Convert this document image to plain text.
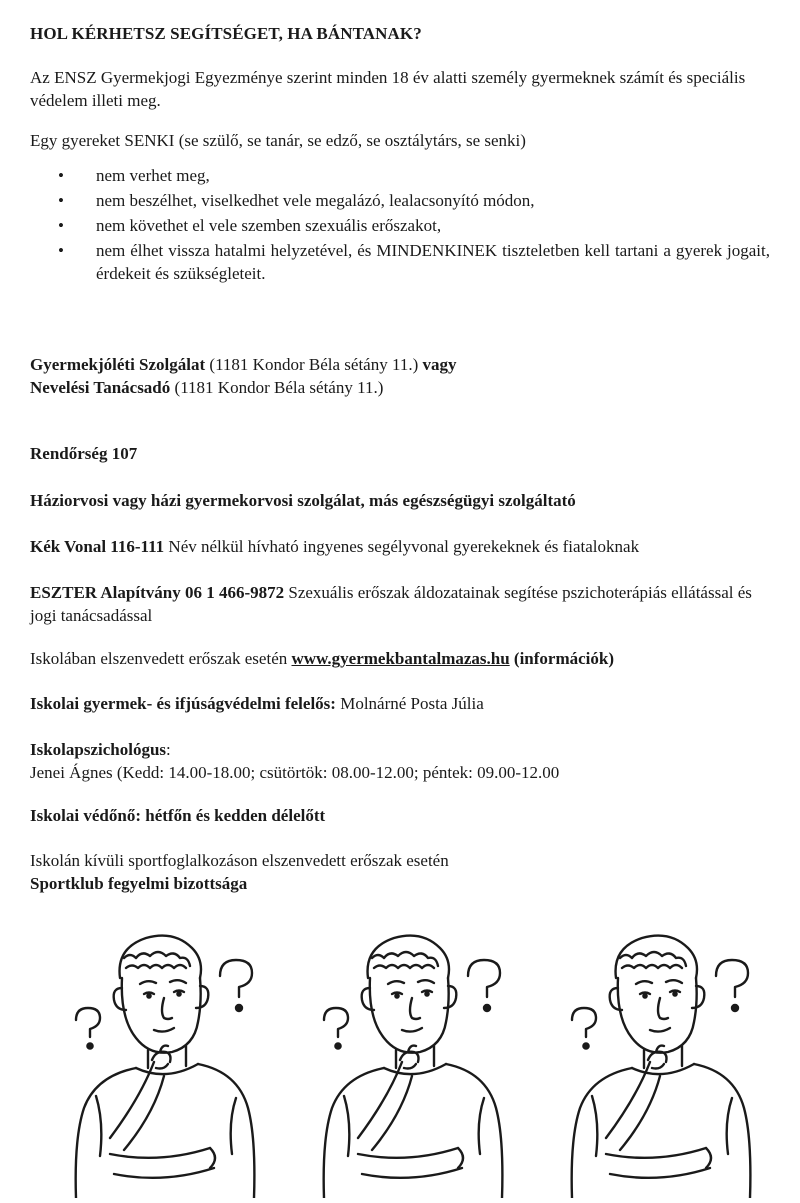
HOL KÉRHETSZ SEGÍTSÉGET, HA BÁNTANAK?

Az ENSZ Gyermekjogi Egyezménye szerint minden 18 év alatti személy gyermeknek számít és speciális védelem illeti meg.

Egy gyereket SENKI (se szülő, se tanár, se edző, se osztálytárs, se senki)

• nem verhet meg,
• nem beszélhet, viselkedhet vele megalázó, lealacsonyító módon,
• nem követhet el vele szemben szexuális erőszakot,
• nem élhet vissza hatalmi helyzetével, és MINDENKINEK tiszteletben kell tartani a gyerek jogait, érdekeit és szükségleteit.

Gyermekjóléti Szolgálat (1181 Kondor Béla sétány 11.) vagy

Nevelési Tanácsadó (1181 Kondor Béla sétány 11.)

Rendőrség 107

Háziorvosi vagy házi gyermekorvosi szolgálat, más egészségügyi szolgáltató

Kék Vonal 116-111 Név nélkül hívható ingyenes segélyvonal gyerekeknek és fiataloknak

ESZTER Alapítvány 06 1 466-9872 Szexuális erőszak áldozatainak segítése pszichoterápiás ellátással és jogi tanácsadással

Iskolában elszenvedett erőszak esetén www.gyermekbantalmazas.hu (információk)

Iskolai gyermek- és ifjúságvédelmi felelős: Molnárné Posta Júlia

Iskolapszichológus:

Jenei Ágnes (Kedd: 14.00-18.00; csütörtök: 08.00-12.00; péntek: 09.00-12.00

Iskolai védőnő: hétfőn és kedden délelőtt

Iskolán kívüli sportfoglalkozáson elszenvedett erőszak esetén

Sportklub fegyelmi bizottsága
